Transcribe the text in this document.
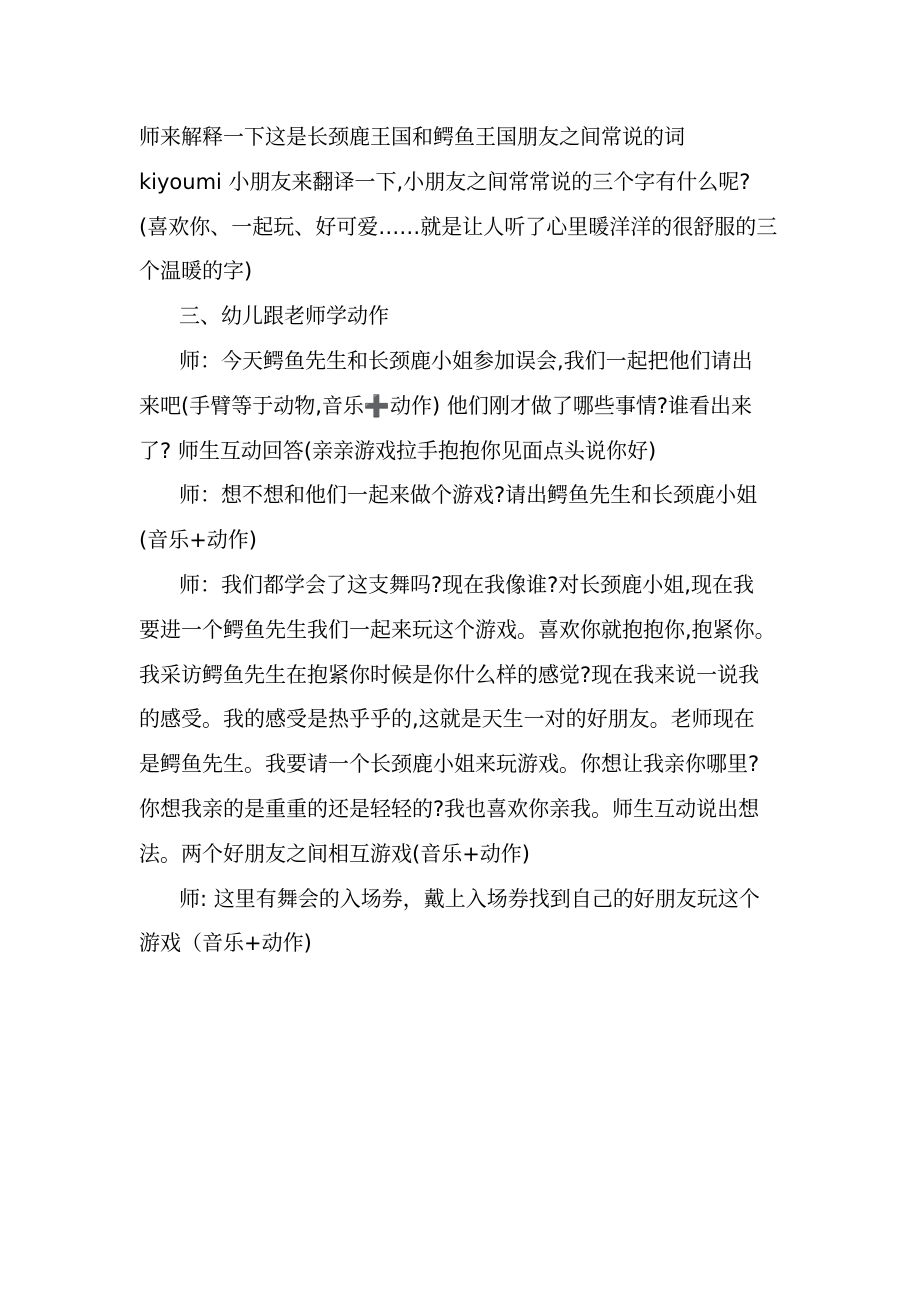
师来解释一下这是长颈鹿王国和鳄鱼王国朋友之间常说的词
kiyoumi 小朋友来翻译一下,小朋友之间常常说的三个字有什么呢?
(喜欢你、一起玩、好可爱……就是让人听了心里暖洋洋的很舒服的三
个温暖的字)
三、幼儿跟老师学动作
师：今天鳄鱼先生和长颈鹿小姐参加误会,我们一起把他们请出
来吧(手臂等于动物,音乐➕动作) 他们刚才做了哪些事情?谁看出来
了? 师生互动回答(亲亲游戏拉手抱抱你见面点头说你好)
师：想不想和他们一起来做个游戏?请出鳄鱼先生和长颈鹿小姐
(音乐+动作)
师：我们都学会了这支舞吗?现在我像谁?对长颈鹿小姐,现在我
要进一个鳄鱼先生我们一起来玩这个游戏。喜欢你就抱抱你,抱紧你。
我采访鳄鱼先生在抱紧你时候是你什么样的感觉?现在我来说一说我
的感受。我的感受是热乎乎的,这就是天生一对的好朋友。老师现在
是鳄鱼先生。我要请一个长颈鹿小姐来玩游戏。你想让我亲你哪里?
你想我亲的是重重的还是轻轻的?我也喜欢你亲我。师生互动说出想
法。两个好朋友之间相互游戏(音乐+动作)
师: 这里有舞会的入场券，戴上入场券找到自己的好朋友玩这个
游戏（音乐+动作)
